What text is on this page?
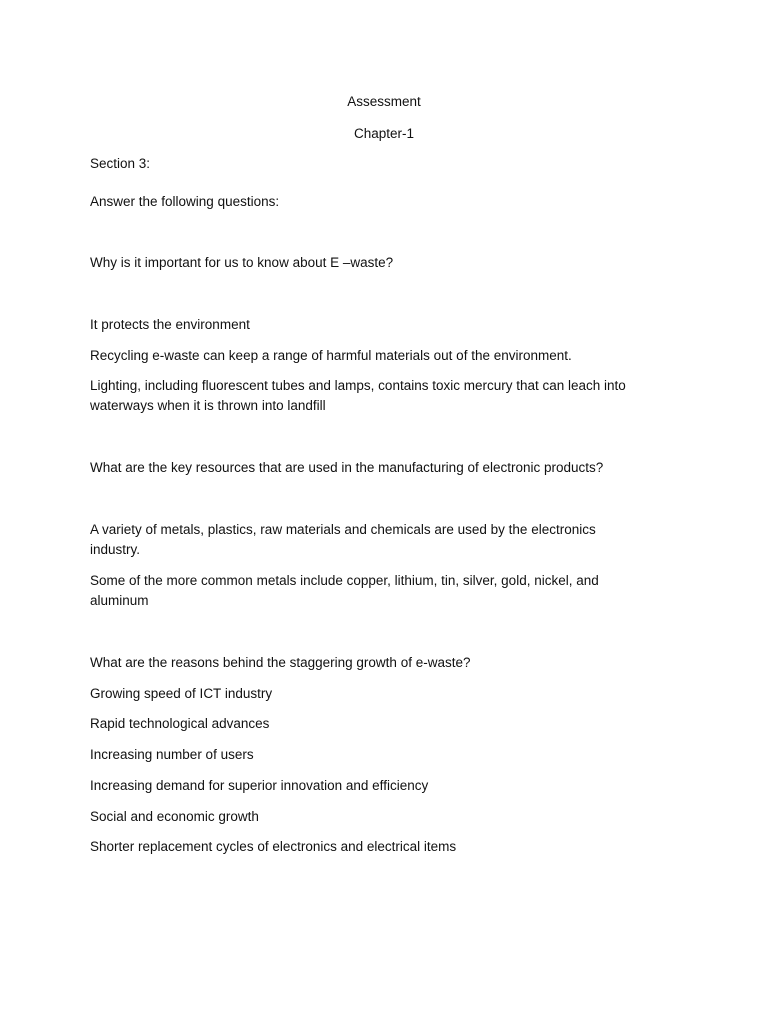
Assessment
Chapter-1
Section 3:
Answer the following questions:
Why is it important for us to know about E –waste?
It protects the environment
Recycling e-waste can keep a range of harmful materials out of the environment.
Lighting, including fluorescent tubes and lamps, contains toxic mercury that can leach into
waterways when it is thrown into landfill
What are the key resources that are used in the manufacturing of electronic products?
A variety of metals, plastics, raw materials and chemicals are used by the electronics
industry.
Some of the more common metals include copper, lithium, tin, silver, gold, nickel, and
aluminum
What are the reasons behind the staggering growth of e-waste?
Growing speed of ICT industry
Rapid technological advances
Increasing number of users
Increasing demand for superior innovation and efficiency
Social and economic growth
Shorter replacement cycles of electronics and electrical items
